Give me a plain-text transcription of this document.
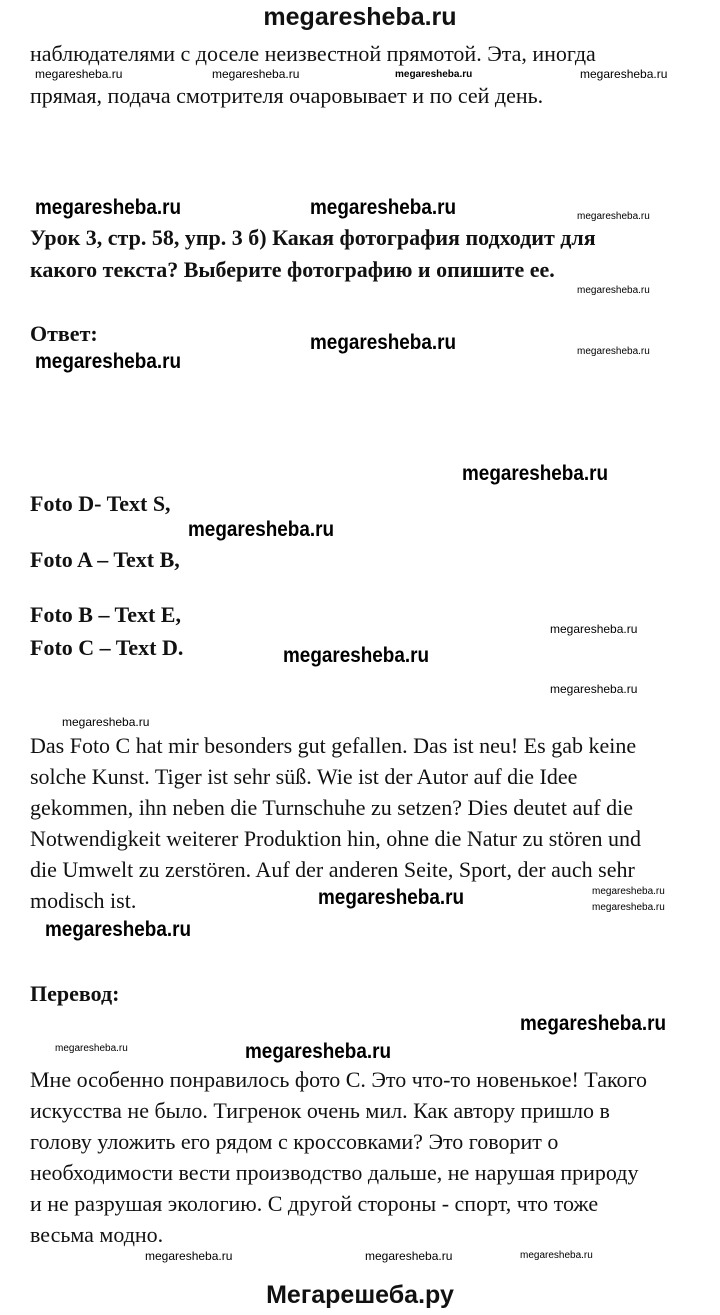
megaresheba.ru
наблюдателями с доселе неизвестной прямотой. Эта, иногда
прямая, подача смотрителя очаровывает и по сей день.
Урок 3, стр. 58, упр. 3 б) Какая фотография подходит для
какого текста? Выберите фотографию и опишите ее.
Ответ:
Foto D- Text S,
Foto A – Text B,
Foto B – Text E,
Foto C – Text D.
Das Foto C hat mir besonders gut gefallen. Das ist neu! Es gab keine
solche Kunst. Tiger ist sehr süß. Wie ist der Autor auf die Idee
gekommen, ihn neben die Turnschuhe zu setzen? Dies deutet auf die
Notwendigkeit weiterer Produktion hin, ohne die Natur zu stören und
die Umwelt zu zerstören. Auf der anderen Seite, Sport, der auch sehr
modisch ist.
Перевод:
Мне особенно понравилось фото С. Это что-то новенькое! Такого
искусства не было. Тигренок очень мил. Как автору пришло в
голову уложить его рядом с кроссовками? Это говорит о
необходимости вести производство дальше, не нарушая природу
и не разрушая экологию. С другой стороны - спорт, что тоже
весьма модно.
megaresheba.ru	megaresheba.ru	megaresheba.ru	megaresheba.ru
megaresheba.ru	megaresheba.ru	megaresheba.ru
megaresheba.ru
megaresheba.ru	megaresheba.ru
megaresheba.ru
megaresheba.ru
megaresheba.ru
megaresheba.ru
megaresheba.ru
megaresheba.ru
megaresheba.ru
megaresheba.ru
megaresheba.ru
megaresheba.ru
megaresheba.ru
megaresheba.ru
megaresheba.ru	megaresheba.ru
megaresheba.ru
megaresheba.ru	megaresheba.ru
Мегарешеба.ру
